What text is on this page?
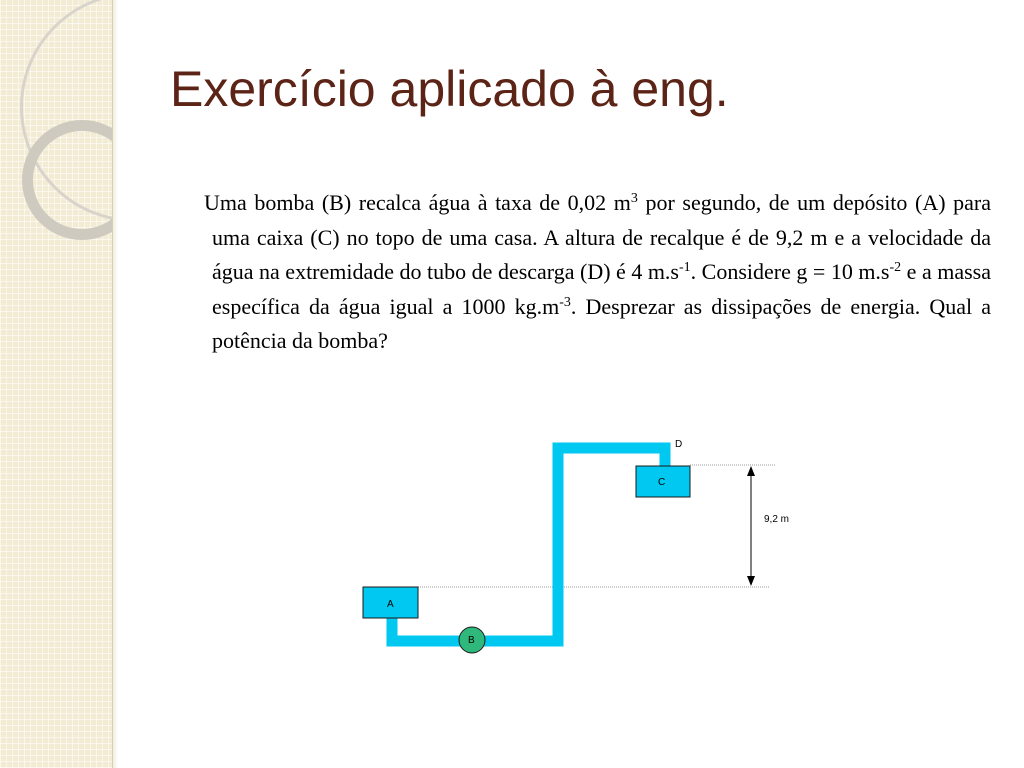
Exercício aplicado à eng.

Uma bomba (B) recalca água à taxa de 0,02 $m^3$ por segundo, de um depósito (A) para uma caixa (C) no topo de uma casa. A altura de recalque é de 9,2 m e a velocidade da água na extremidade do tubo de descarga (D) é 4 $m.s^{-1}$. Considere g = 10 $m.s^{-2}$ e a massa específica da água igual a 1000 $kg.m^{-3}$. Desprezar as dissipações de energia. Qual a potência da bomba?

9,2 m
A
C
B
D
